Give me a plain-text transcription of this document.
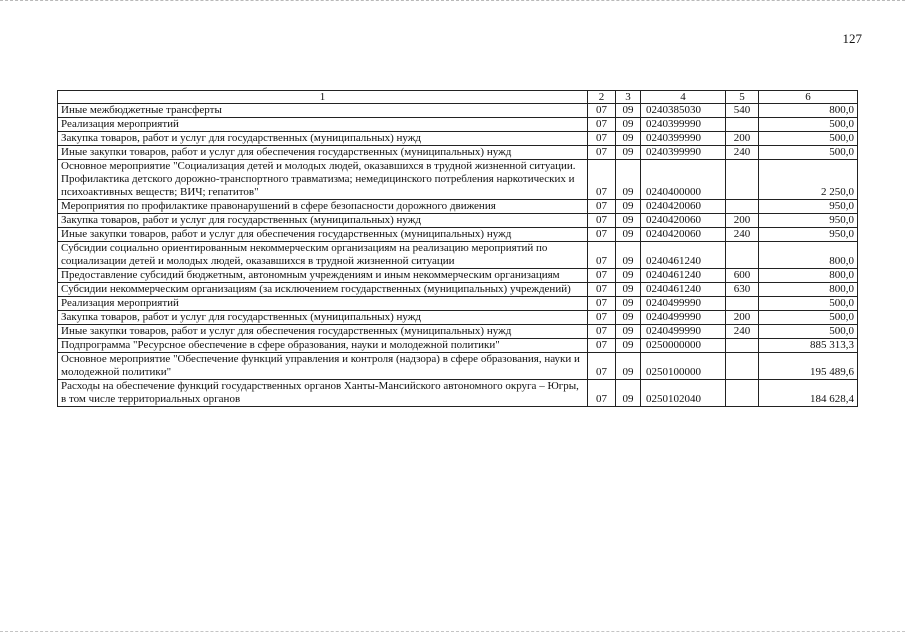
127
1	2	3	4	5	6
Иные межбюджетные трансферты	07	09	0240385030	540	800,0
Реализация мероприятий	07	09	0240399990		500,0
Закупка товаров, работ и услуг для государственных (муниципальных) нужд	07	09	0240399990	200	500,0
Иные закупки товаров, работ и услуг для обеспечения государственных (муниципальных) нужд	07	09	0240399990	240	500,0
Основное мероприятие "Социализация детей и молодых людей, оказавшихся в трудной жизненной ситуации. Профилактика детского дорожно-транспортного травматизма; немедицинского потребления наркотических и психоактивных веществ; ВИЧ; гепатитов"	07	09	0240400000		2 250,0
Мероприятия по профилактике правонарушений в сфере безопасности дорожного движения	07	09	0240420060		950,0
Закупка товаров, работ и услуг для государственных (муниципальных) нужд	07	09	0240420060	200	950,0
Иные закупки товаров, работ и услуг для обеспечения государственных (муниципальных) нужд	07	09	0240420060	240	950,0
Субсидии социально ориентированным некоммерческим организациям на реализацию мероприятий по социализации детей и молодых людей, оказавшихся в трудной жизненной ситуации	07	09	0240461240		800,0
Предоставление субсидий бюджетным, автономным учреждениям и иным некоммерческим организациям	07	09	0240461240	600	800,0
Субсидии некоммерческим организациям (за исключением государственных (муниципальных) учреждений)	07	09	0240461240	630	800,0
Реализация мероприятий	07	09	0240499990		500,0
Закупка товаров, работ и услуг для государственных (муниципальных) нужд	07	09	0240499990	200	500,0
Иные закупки товаров, работ и услуг для обеспечения государственных (муниципальных) нужд	07	09	0240499990	240	500,0
Подпрограмма "Ресурсное обеспечение в сфере образования, науки и молодежной политики"	07	09	0250000000		885 313,3
Основное мероприятие "Обеспечение функций управления и контроля (надзора) в сфере образования, науки и молодежной политики"	07	09	0250100000		195 489,6
Расходы на обеспечение функций государственных органов Ханты-Мансийского автономного округа – Югры, в том числе территориальных органов	07	09	0250102040		184 628,4
